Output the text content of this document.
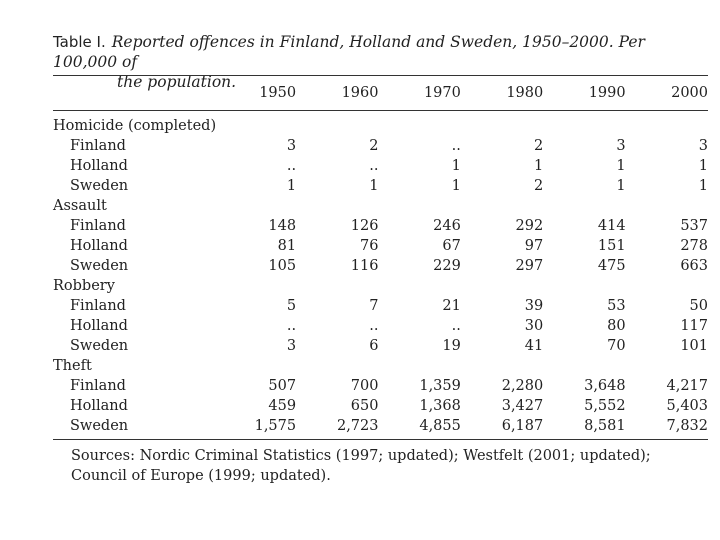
Table I. Reported offences in Finland, Holland and Sweden, 1950–2000. Per 100,000 of
the population.
	1950	1960	1970	1980	1990	2000

Homicide (completed)						
Finland	3	2	..	2	3	3
Holland	..	..	1	1	1	1
Sweden	1	1	1	2	1	1
Assault						
Finland	148	126	246	292	414	537
Holland	81	76	67	97	151	278
Sweden	105	116	229	297	475	663
Robbery						
Finland	5	7	21	39	53	50
Holland	..	..	..	30	80	117
Sweden	3	6	19	41	70	101
Theft						
Finland	507	700	1,359	2,280	3,648	4,217
Holland	459	650	1,368	3,427	5,552	5,403
Sweden	1,575	2,723	4,855	6,187	8,581	7,832
Sources: Nordic Criminal Statistics (1997; updated); Westfelt (2001; updated);
Council of Europe (1999; updated).
